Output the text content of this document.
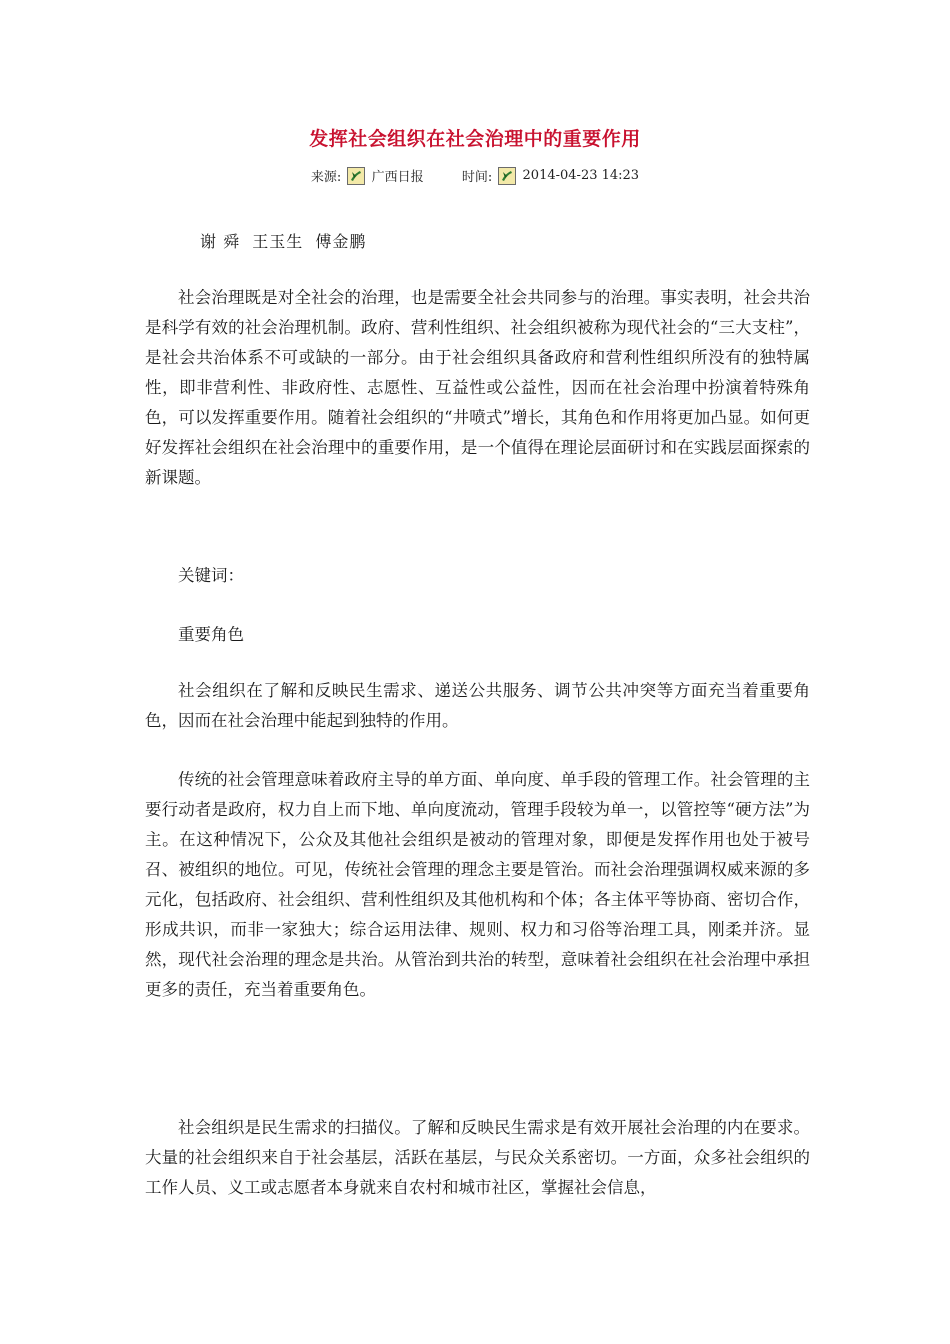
发挥社会组织在社会治理中的重要作用
来源: 广西日报	时间: 2014-04-23 14:23
谢 舜  王玉生  傅金鹏

社会治理既是对全社会的治理，也是需要全社会共同参与的治理。事实表明，社会共治是科学有效的社会治理机制。政府、营利性组织、社会组织被称为现代社会的“三大支柱”，是社会共治体系不可或缺的一部分。由于社会组织具备政府和营利性组织所没有的独特属性，即非营利性、非政府性、志愿性、互益性或公益性，因而在社会治理中扮演着特殊角色，可以发挥重要作用。随着社会组织的“井喷式”增长，其角色和作用将更加凸显。如何更好发挥社会组织在社会治理中的重要作用，是一个值得在理论层面研讨和在实践层面探索的新课题。

关键词：

重要角色

社会组织在了解和反映民生需求、递送公共服务、调节公共冲突等方面充当着重要角色，因而在社会治理中能起到独特的作用。

传统的社会管理意味着政府主导的单方面、单向度、单手段的管理工作。社会管理的主要行动者是政府，权力自上而下地、单向度流动，管理手段较为单一，以管控等“硬方法”为主。在这种情况下，公众及其他社会组织是被动的管理对象，即便是发挥作用也处于被号召、被组织的地位。可见，传统社会管理的理念主要是管治。而社会治理强调权威来源的多元化，包括政府、社会组织、营利性组织及其他机构和个体；各主体平等协商、密切合作，形成共识，而非一家独大；综合运用法律、规则、权力和习俗等治理工具，刚柔并济。显然，现代社会治理的理念是共治。从管治到共治的转型，意味着社会组织在社会治理中承担更多的责任，充当着重要角色。

社会组织是民生需求的扫描仪。了解和反映民生需求是有效开展社会治理的内在要求。大量的社会组织来自于社会基层，活跃在基层，与民众关系密切。一方面，众多社会组织的工作人员、义工或志愿者本身就来自农村和城市社区，掌握社会信息，
